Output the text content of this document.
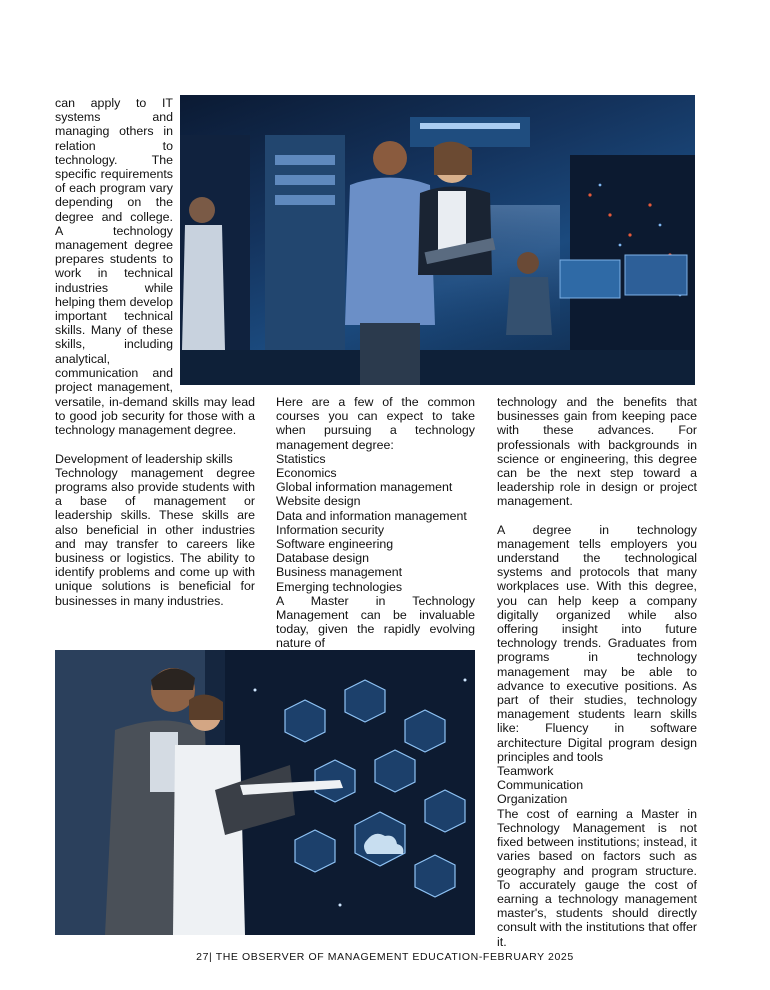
can apply to IT systems and managing others in relation to technology. The specific requirements of each program vary depending on the degree and college. A technology management degree prepares students to work in technical industries while helping them develop important technical skills. Many of these skills, including analytical, communication and project management,

versatile, in-demand skills may lead to good job security for those with a technology management degree.

Development of leadership skills

Technology management degree programs also provide students with a base of management or leadership skills. These skills are also beneficial in other industries and may transfer to careers like business or logistics. The ability to identify problems and come up with unique solutions is beneficial for businesses in many industries.

Here are a few of the common courses you can expect to take when pursuing a technology management degree:

Statistics

Economics

Global information management

Website design

Data and information management

Information security

Software engineering

Database design

Business management

Emerging technologies

A Master in Technology Management can be invaluable today, given the rapidly evolving nature of

technology and the benefits that businesses gain from keeping pace with these advances. For professionals with backgrounds in science or engineering, this degree can be the next step toward a leadership role in design or project management.

A degree in technology management tells employers you understand the technological systems and protocols that many workplaces use. With this degree, you can help keep a company digitally organized while also offering insight into future technology trends. Graduates from programs in technology management may be able to advance to executive positions. As part of their studies, technology management students learn skills like: Fluency in software architecture Digital program design principles and tools

Teamwork

Communication

Organization

The cost of earning a Master in Technology Management is not fixed between institutions; instead, it varies based on factors such as geography and program structure. To accurately gauge the cost of earning a technology management master's, students should directly consult with the institutions that offer it.

27| THE OBSERVER OF MANAGEMENT EDUCATION-FEBRUARY 2025
